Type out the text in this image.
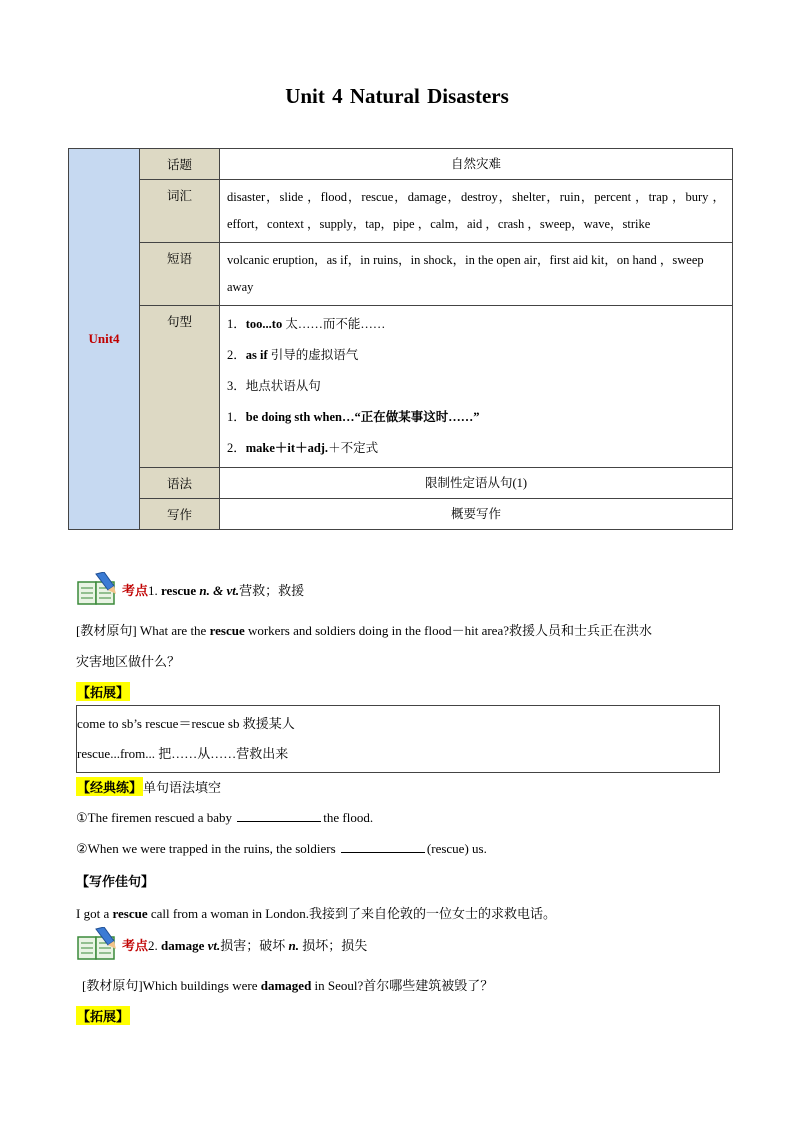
Unit 4 Natural Disasters
Unit4	话题	自然灾难
	词汇	disaster，slide ，flood，rescue，damage，destroy，shelter，ruin，percent ，trap ，bury ，effort，context ，supply，tap，pipe ，calm，aid ，crash ，sweep，wave，strike
	短语	volcanic eruption，as if，in ruins，in shock，in the open air，first aid kit，on hand ，sweep away
	句型	1．too...to 太……而不能……
2．as if 引导的虚拟语气
3．地点状语从句
1．be doing sth when…“正在做某事这时……”
2．make＋it＋adj.＋不定式

	语法	限制性定语从句(1)
	写作	概要写作
考点1. rescue n. & vt.营救；救援
[教材原句] What are the rescue workers and soldiers doing in the flood－hit area?救援人员和士兵正在洪水
灾害地区做什么？
【拓展】
come to sb’s rescue＝rescue sb 救援某人
rescue...from... 把……从……营救出来
【经典练】单句语法填空
①The firemen rescued a baby	the flood.
②When we were trapped in the ruins, the soldiers	(rescue) us.
【写作佳句】
I got a rescue call from a woman in London.我接到了来自伦敦的一位女士的求救电话。
考点2. damage vt.损害；破坏 n. 损坏；损失
[教材原句]Which buildings were damaged in Seoul?首尔哪些建筑被毁了？
【拓展】
